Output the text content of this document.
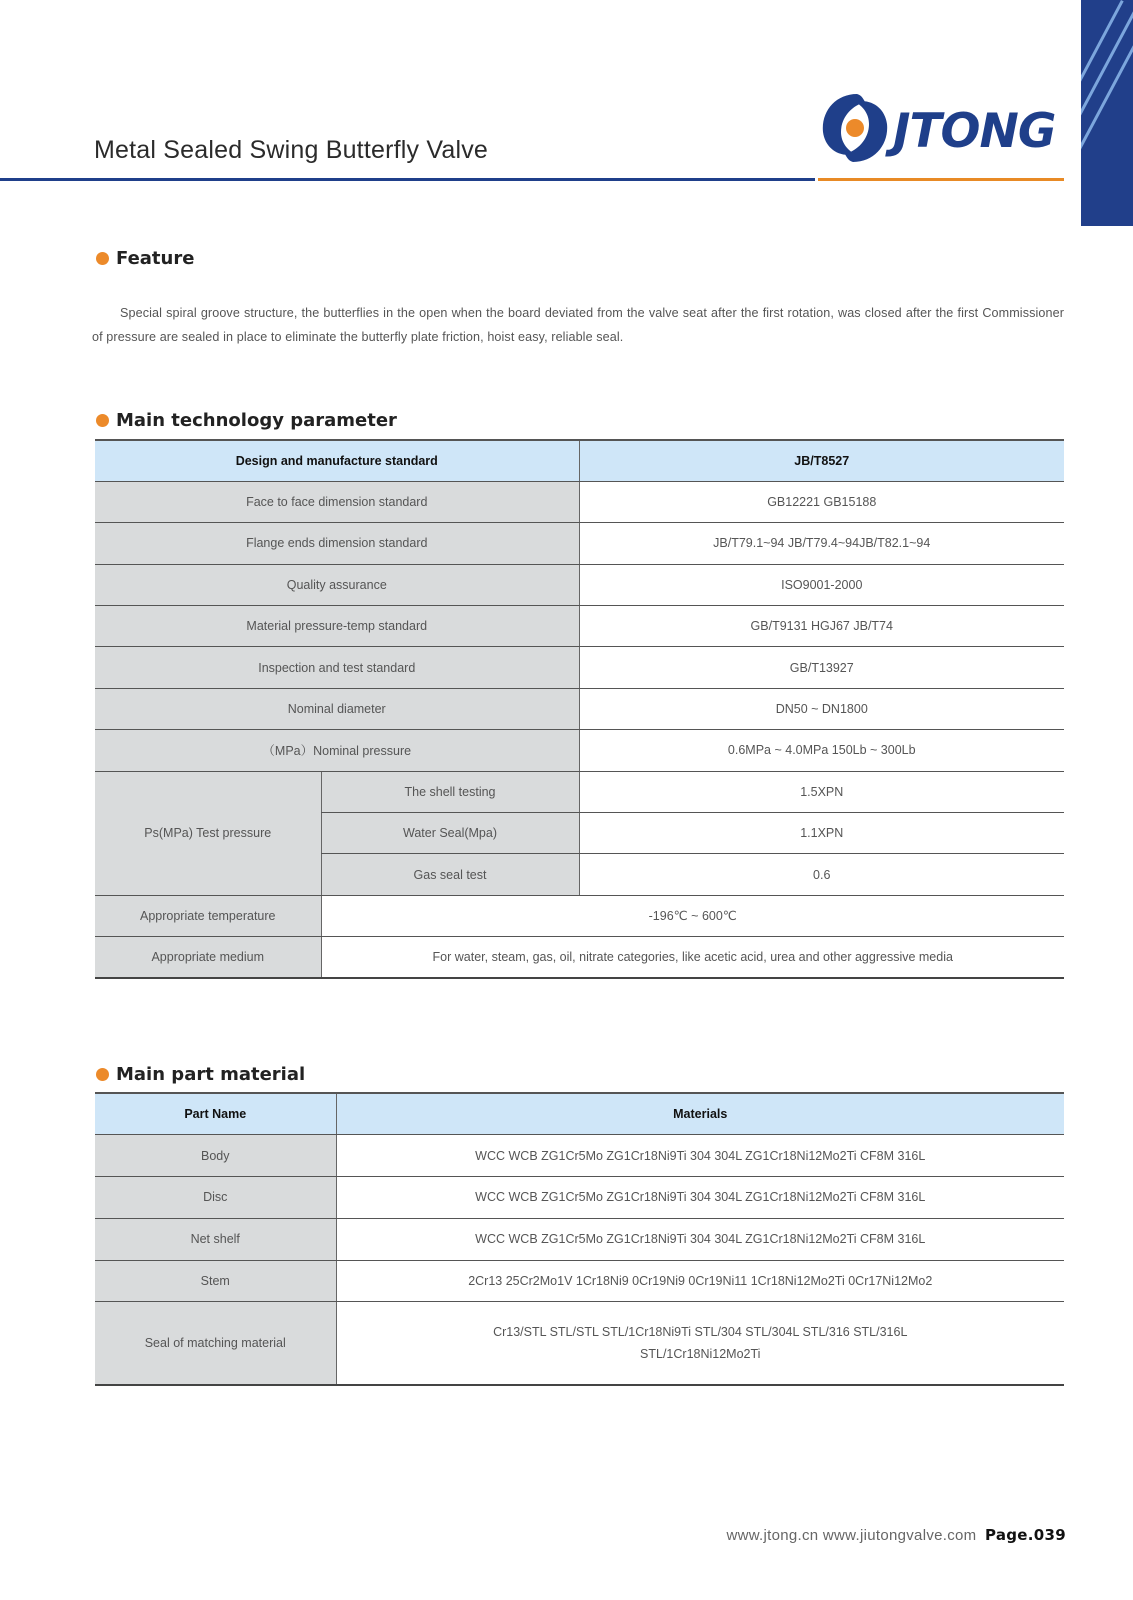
JTONG
Metal Sealed Swing Butterfly Valve
Feature

Special spiral groove structure, the butterflies in the open when the board deviated from the valve seat after the first rotation, was closed after the first Commissioner of pressure are sealed in place to eliminate the butterfly plate friction, hoist easy, reliable seal.

Main technology parameter
Design and manufacture standard		JB/T8527
Face to face dimension standard		GB12221 GB15188
Flange ends dimension standard		JB/T79.1~94 JB/T79.4~94JB/T82.1~94
Quality assurance		ISO9001-2000
Material pressure-temp standard		GB/T9131 HGJ67 JB/T74
Inspection and test standard		GB/T13927
Nominal diameter		DN50 ~ DN1800
（MPa）Nominal pressure		0.6MPa ~ 4.0MPa 150Lb ~ 300Lb
Ps(MPa) Test pressure	The shell testing	1.5XPN
	Water Seal(Mpa)	1.1XPN
	Gas seal test	0.6
Appropriate temperature	-196℃ ~ 600℃	
Appropriate medium	For water, steam, gas, oil, nitrate categories, like acetic acid, urea and other aggressive media	
Main part material
Part Name	Materials
Body	WCC WCB ZG1Cr5Mo ZG1Cr18Ni9Ti 304 304L ZG1Cr18Ni12Mo2Ti CF8M 316L
Disc	WCC WCB ZG1Cr5Mo ZG1Cr18Ni9Ti 304 304L ZG1Cr18Ni12Mo2Ti CF8M 316L
Net shelf	WCC WCB ZG1Cr5Mo ZG1Cr18Ni9Ti 304 304L ZG1Cr18Ni12Mo2Ti CF8M 316L
Stem	2Cr13 25Cr2Mo1V 1Cr18Ni9 0Cr19Ni9 0Cr19Ni11 1Cr18Ni12Mo2Ti 0Cr17Ni12Mo2
Seal of matching material	Cr13/STL STL/STL STL/1Cr18Ni9Ti STL/304 STL/304L STL/316 STL/316L
STL/1Cr18Ni12Mo2Ti
www.jtong.cn www.jiutongvalve.com Page.039
